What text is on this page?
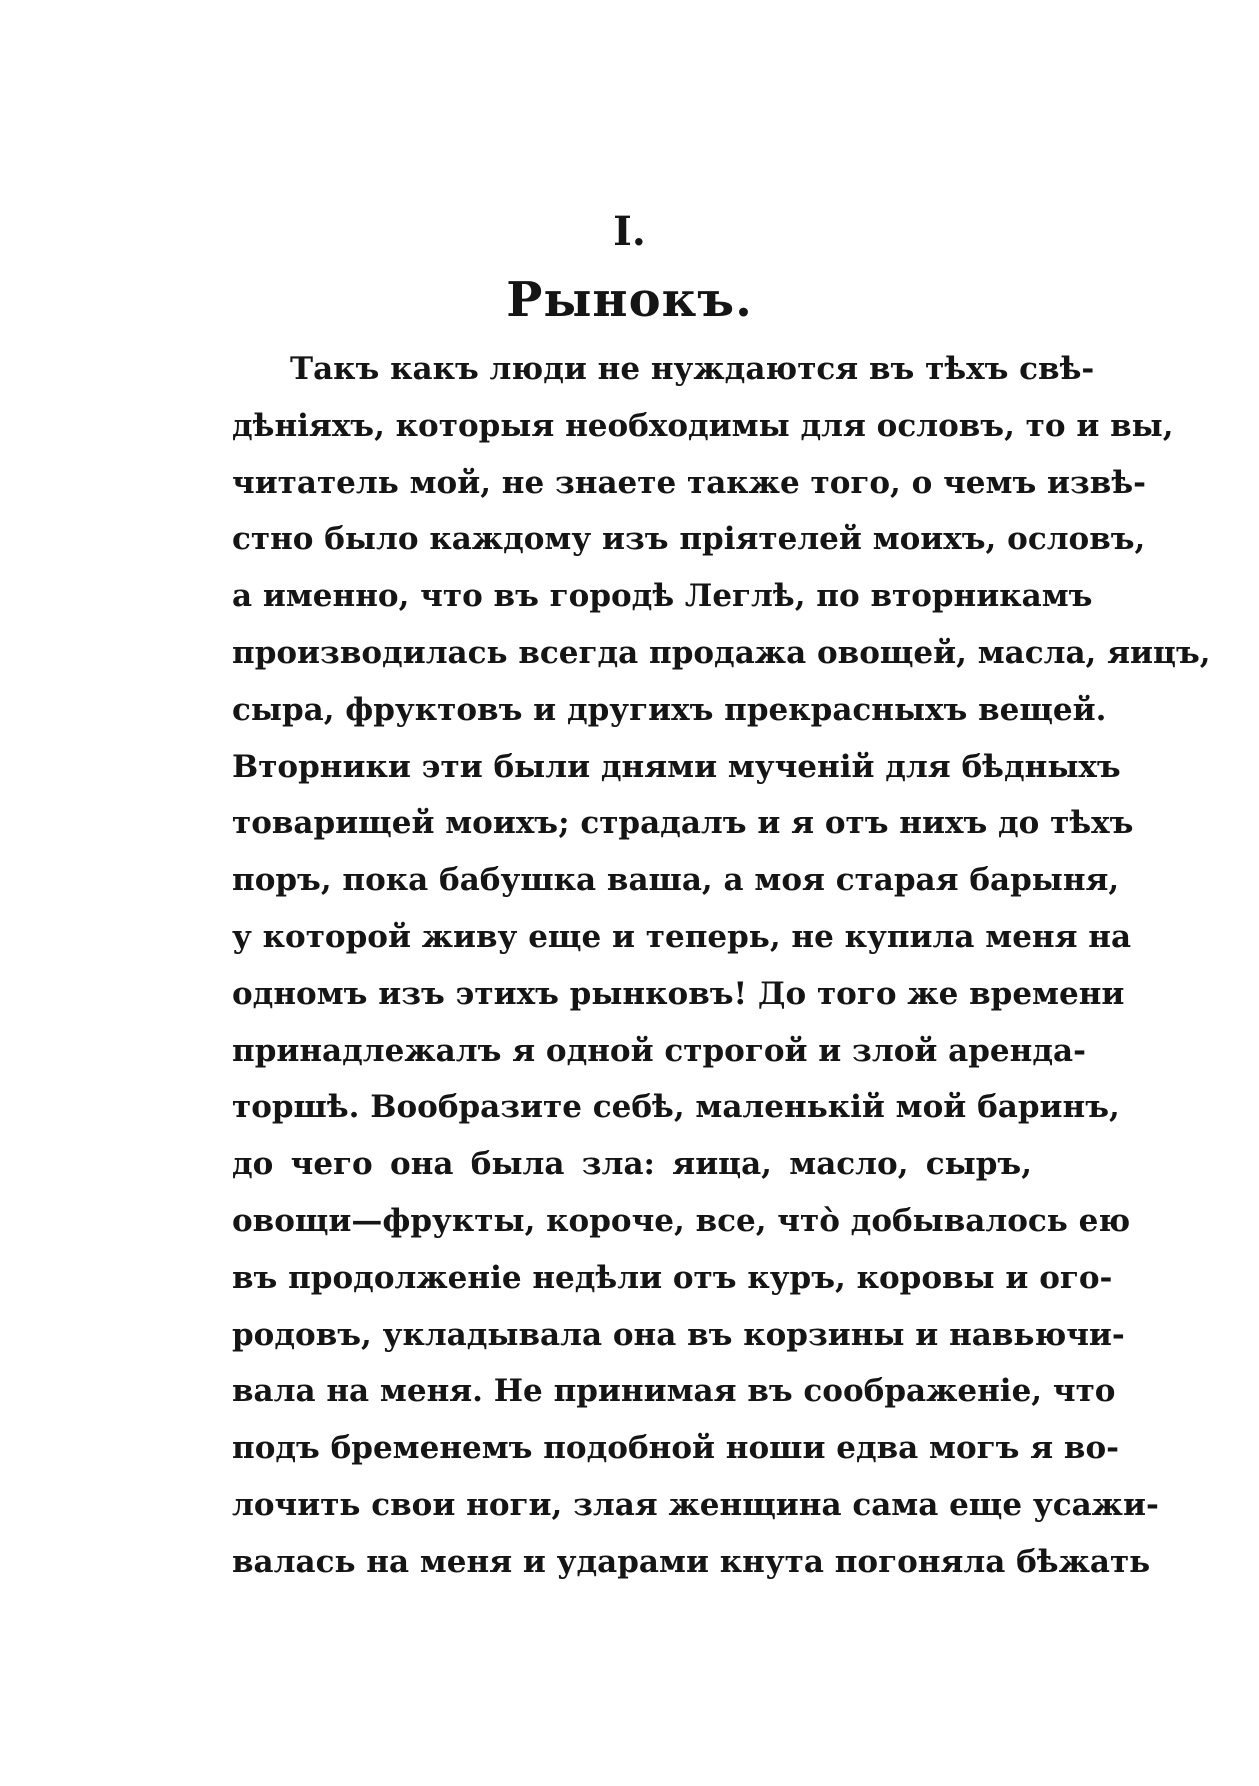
I.
Рынокъ.
Такъ какъ люди не нуждаются въ тѣхъ свѣ-
дѣніяхъ, которыя необходимы для ословъ, то и вы,
читатель мой, не знаете также того, о чемъ извѣ-
стно было каждому изъ пріятелей моихъ, ословъ,
а именно, что въ городѣ Леглѣ, по вторникамъ
производилась всегда продажа овощей, масла, яицъ,
сыра, фруктовъ и другихъ прекрасныхъ вещей.
Вторники эти были днями мученій для бѣдныхъ
товарищей моихъ; страдалъ и я отъ нихъ до тѣхъ
поръ, пока бабушка ваша, а моя старая барыня,
у которой живу еще и теперь, не купила меня на
одномъ изъ этихъ рынковъ! До того же времени
принадлежалъ я одной строгой и злой аренда-
торшѣ. Вообразите себѣ, маленькій мой баринъ,
до чего она была зла: яица, масло, сыръ,
овощи—фрукты, короче, все, что̀ добывалось ею
въ продолженіе недѣли отъ куръ, коровы и ого-
родовъ, укладывала она въ корзины и навьючи-
вала на меня. Не принимая въ соображеніе, что
подъ бременемъ подобной ноши едва могъ я во-
лочить свои ноги, злая женщина сама еще усажи-
валась на меня и ударами кнута погоняла бѣжать
